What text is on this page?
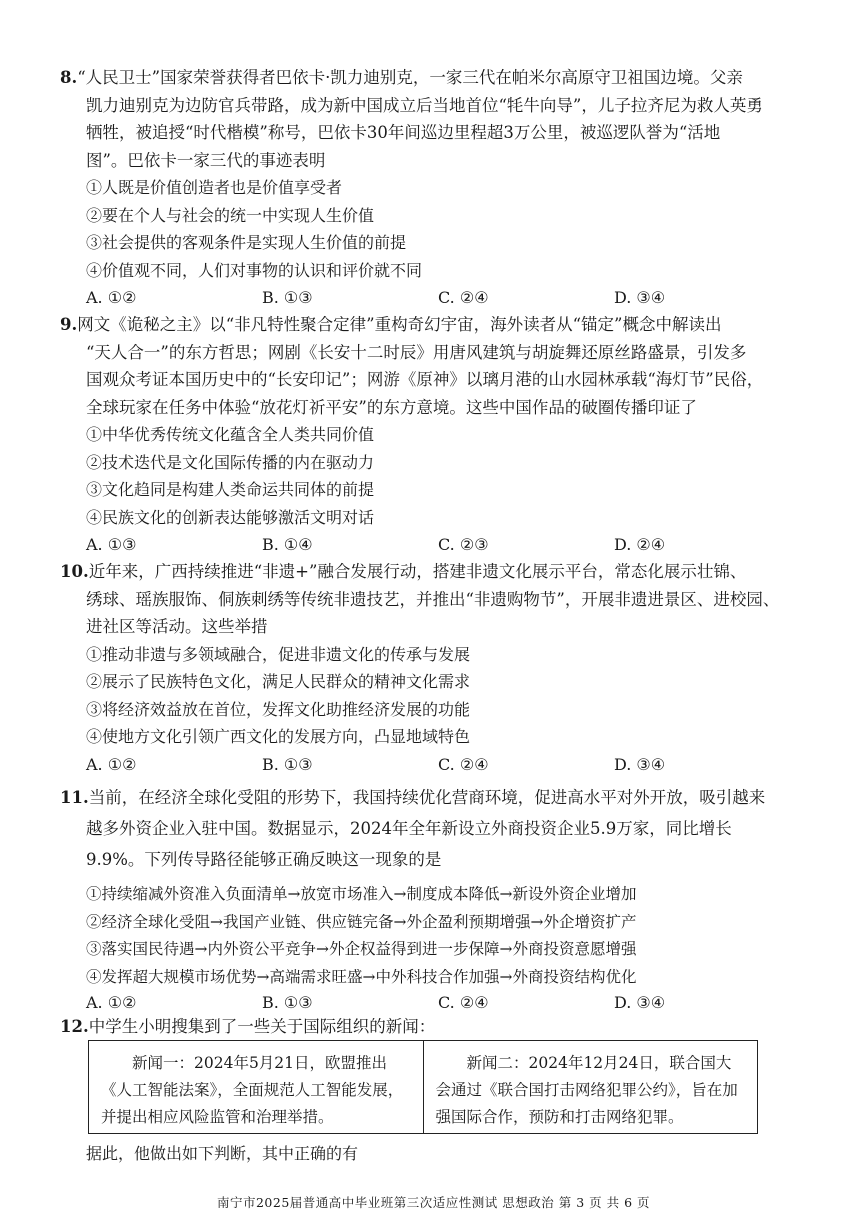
8.“人民卫士”国家荣誉获得者巴依卡·凯力迪别克，一家三代在帕米尔高原守卫祖国边境。父亲
凯力迪别克为边防官兵带路，成为新中国成立后当地首位“牦牛向导”，儿子拉齐尼为救人英勇
牺牲，被追授“时代楷模”称号，巴依卡30年间巡边里程超3万公里，被巡逻队誉为“活地
图”。巴依卡一家三代的事迹表明

①人既是价值创造者也是价值享受者
②要在个人与社会的统一中实现人生价值
③社会提供的客观条件是实现人生价值的前提
④价值观不同，人们对事物的认识和评价就不同
A. ①②	B. ①③	C. ②④	D. ③④

9.网文《诡秘之主》以“非凡特性聚合定律”重构奇幻宇宙，海外读者从“锚定”概念中解读出
“天人合一”的东方哲思；网剧《长安十二时辰》用唐风建筑与胡旋舞还原丝路盛景，引发多
国观众考证本国历史中的“长安印记”；网游《原神》以璃月港的山水园林承载“海灯节”民俗，
全球玩家在任务中体验“放花灯祈平安”的东方意境。这些中国作品的破圈传播印证了

①中华优秀传统文化蕴含全人类共同价值
②技术迭代是文化国际传播的内在驱动力
③文化趋同是构建人类命运共同体的前提
④民族文化的创新表达能够激活文明对话
A. ①③	B. ①④	C. ②③	D. ②④

10.近年来，广西持续推进“非遗+”融合发展行动，搭建非遗文化展示平台，常态化展示壮锦、
绣球、瑶族服饰、侗族刺绣等传统非遗技艺，并推出“非遗购物节”，开展非遗进景区、进校园、
进社区等活动。这些举措

①推动非遗与多领域融合，促进非遗文化的传承与发展
②展示了民族特色文化，满足人民群众的精神文化需求
③将经济效益放在首位，发挥文化助推经济发展的功能
④使地方文化引领广西文化的发展方向，凸显地域特色
A. ①②	B. ①③	C. ②④	D. ③④

11.当前，在经济全球化受阻的形势下，我国持续优化营商环境，促进高水平对外开放，吸引越来
越多外资企业入驻中国。数据显示，2024年全年新设立外商投资企业5.9万家，同比增长
9.9%。下列传导路径能够正确反映这一现象的是

①持续缩减外资准入负面清单→放宽市场准入→制度成本降低→新设外资企业增加
②经济全球化受阻→我国产业链、供应链完备→外企盈利预期增强→外企增资扩产
③落实国民待遇→内外资公平竞争→外企权益得到进一步保障→外商投资意愿增强
④发挥超大规模市场优势→高端需求旺盛→中外科技合作加强→外商投资结构优化
A. ①②	B. ①③	C. ②④	D. ③④

12.中学生小明搜集到了一些关于国际组织的新闻：

新闻一：2024年5月21日，欧盟推出《人工智能法案》，全面规范人工智能发展，并提出相应风险监管和治理举措。

新闻二：2024年12月24日，联合国大会通过《联合国打击网络犯罪公约》，旨在加强国际合作，预防和打击网络犯罪。

据此，他做出如下判断，其中正确的有
南宁市2025届普通高中毕业班第三次适应性测试 思想政治 第 3 页 共 6 页
